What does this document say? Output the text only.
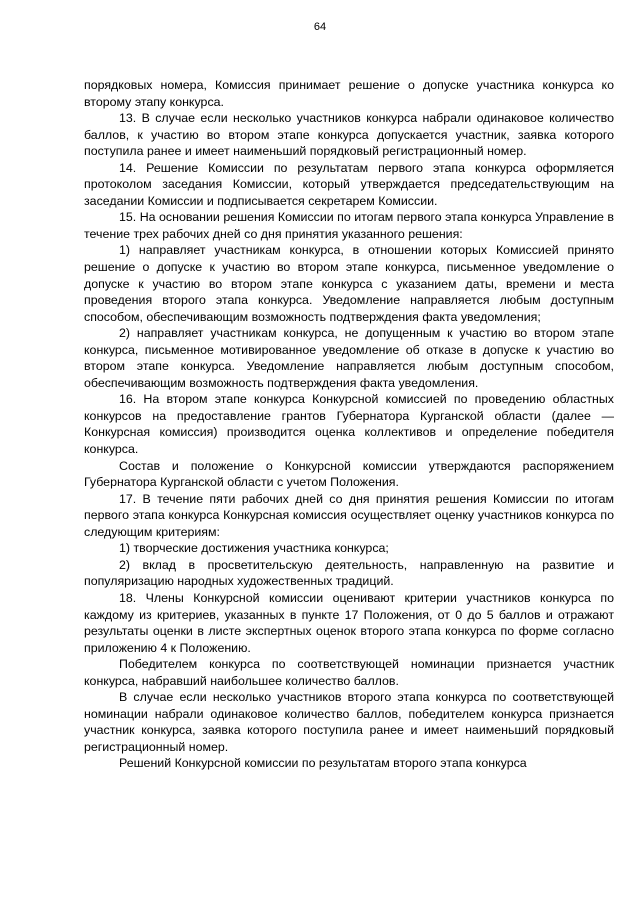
64

порядковых номера, Комиссия принимает решение о допуске участника конкурса ко второму этапу конкурса.

13. В случае если несколько участников конкурса набрали одинаковое количество баллов, к участию во втором этапе конкурса допускается участник, заявка которого поступила ранее и имеет наименьший порядковый регистрационный номер.

14. Решение Комиссии по результатам первого этапа конкурса оформляется протоколом заседания Комиссии, который утверждается председательствующим на заседании Комиссии и подписывается секретарем Комиссии.

15. На основании решения Комиссии по итогам первого этапа конкурса Управление в течение трех рабочих дней со дня принятия указанного решения:

1) направляет участникам конкурса, в отношении которых Комиссией принято решение о допуске к участию во втором этапе конкурса, письменное уведомление о допуске к участию во втором этапе конкурса с указанием даты, времени и места проведения второго этапа конкурса. Уведомление направляется любым доступным способом, обеспечивающим возможность подтверждения факта уведомления;

2) направляет участникам конкурса, не допущенным к участию во втором этапе конкурса, письменное мотивированное уведомление об отказе в допуске к участию во втором этапе конкурса. Уведомление направляется любым доступным способом, обеспечивающим возможность подтверждения факта уведомления.

16. На втором этапе конкурса Конкурсной комиссией по проведению областных конкурсов на предоставление грантов Губернатора Курганской области (далее — Конкурсная комиссия) производится оценка коллективов и определение победителя конкурса.

Состав и положение о Конкурсной комиссии утверждаются распоряжением Губернатора Курганской области с учетом Положения.

17. В течение пяти рабочих дней со дня принятия решения Комиссии по итогам первого этапа конкурса Конкурсная комиссия осуществляет оценку участников конкурса по следующим критериям:

1) творческие достижения участника конкурса;

2) вклад в просветительскую деятельность, направленную на развитие и популяризацию народных художественных традиций.

18. Члены Конкурсной комиссии оценивают критерии участников конкурса по каждому из критериев, указанных в пункте 17 Положения, от 0 до 5 баллов и отражают результаты оценки в листе экспертных оценок второго этапа конкурса по форме согласно приложению 4 к Положению.

Победителем конкурса по соответствующей номинации признается участник конкурса, набравший наибольшее количество баллов.

В случае если несколько участников второго этапа конкурса по соответствующей номинации набрали одинаковое количество баллов, победителем конкурса признается участник конкурса, заявка которого поступила ранее и имеет наименьший порядковый регистрационный номер.

Решений Конкурсной комиссии по результатам второго этапа конкурса
